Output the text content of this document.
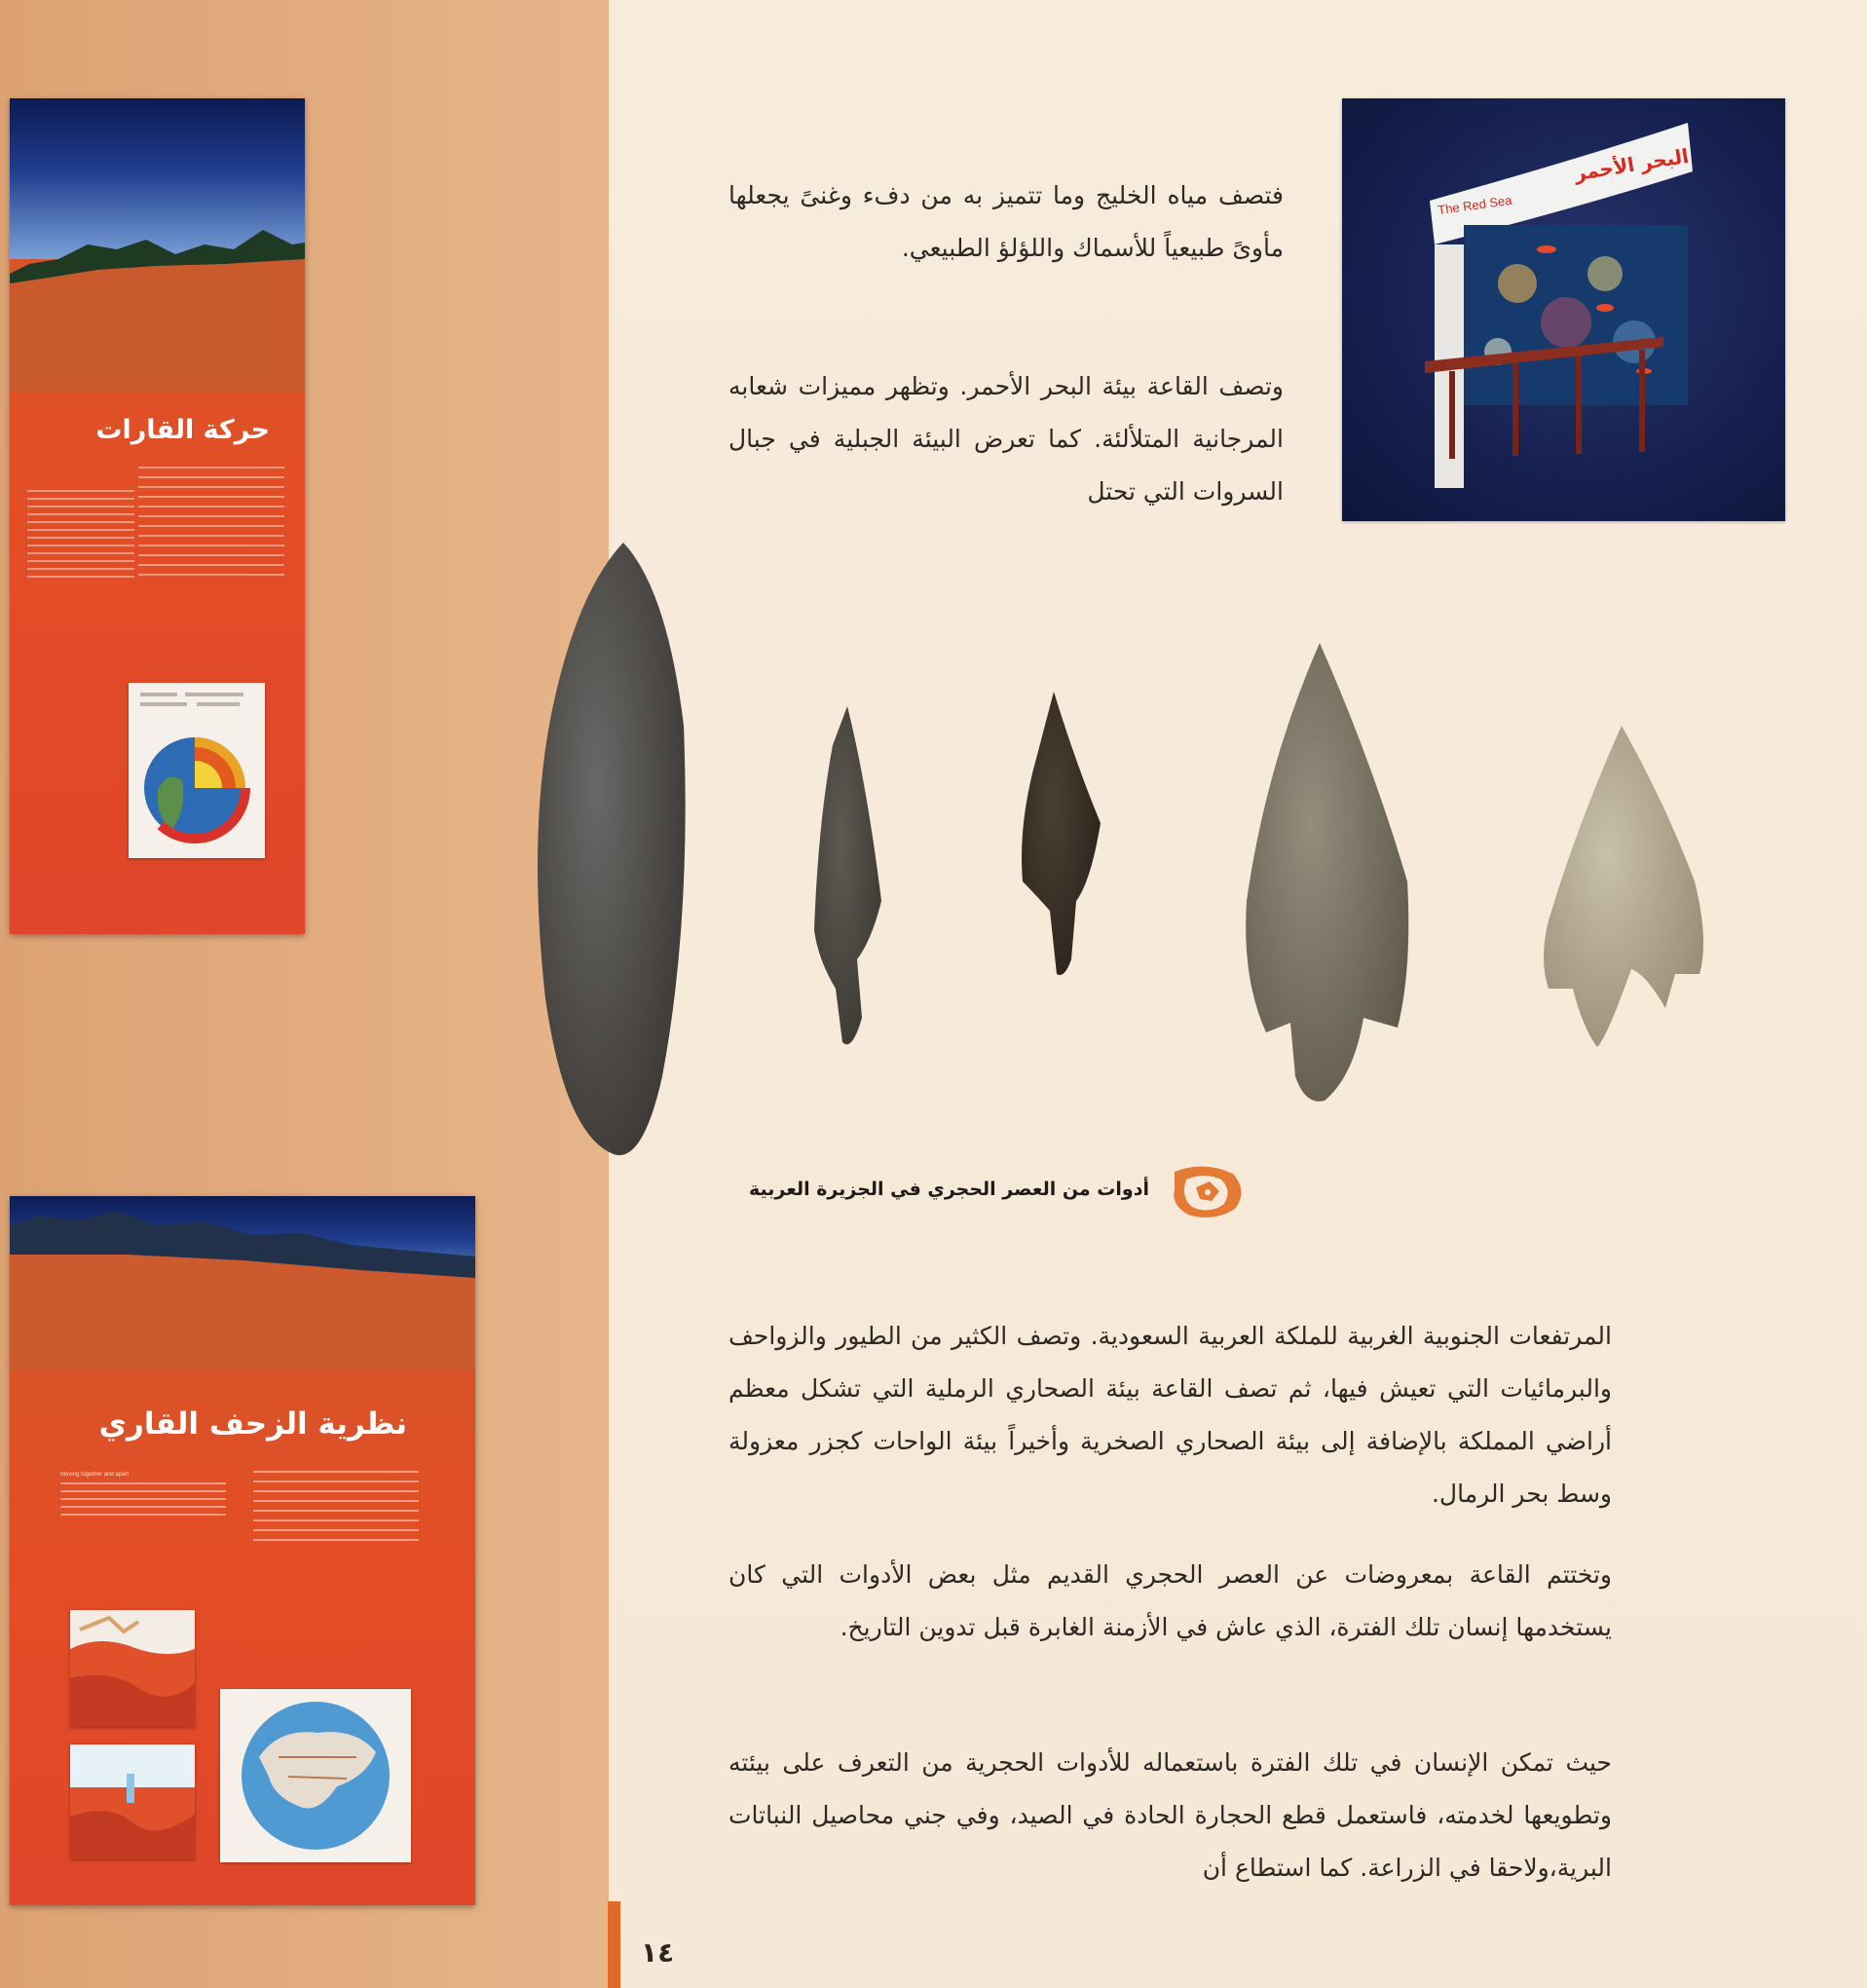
حركة القارات
نظرية الزحف القاري
Moving together and apart
البحر الأحمر
The Red Sea
فتصف مياه الخليج وما تتميز به من دفء وغنىً يجعلها مأوىً طبيعياً للأسماك واللؤلؤ الطبيعي.
وتصف القاعة بيئة البحر الأحمر. وتظهر مميزات شعابه المرجانية المتلألئة. كما تعرض البيئة الجبلية في جبال السروات التي تحتل
أدوات من العصر الحجري في الجزيرة العربية
المرتفعات الجنوبية الغربية للملكة العربية السعودية. وتصف الكثير من الطيور والزواحف والبرمائيات التي تعيش فيها، ثم تصف القاعة بيئة الصحاري الرملية التي تشكل معظم أراضي المملكة بالإضافة إلى بيئة الصحاري الصخرية وأخيراً بيئة الواحات كجزر معزولة وسط بحر الرمال.
وتختتم القاعة بمعروضات عن العصر الحجري القديم مثل بعض الأدوات التي كان يستخدمها إنسان تلك الفترة، الذي عاش في الأزمنة الغابرة قبل تدوين التاريخ.
حيث تمكن الإنسان في تلك الفترة باستعماله للأدوات الحجرية من التعرف على بيئته وتطويعها لخدمته، فاستعمل قطع الحجارة الحادة في الصيد، وفي جني محاصيل النباتات البرية،ولاحقا في الزراعة. كما استطاع أن
١٤
